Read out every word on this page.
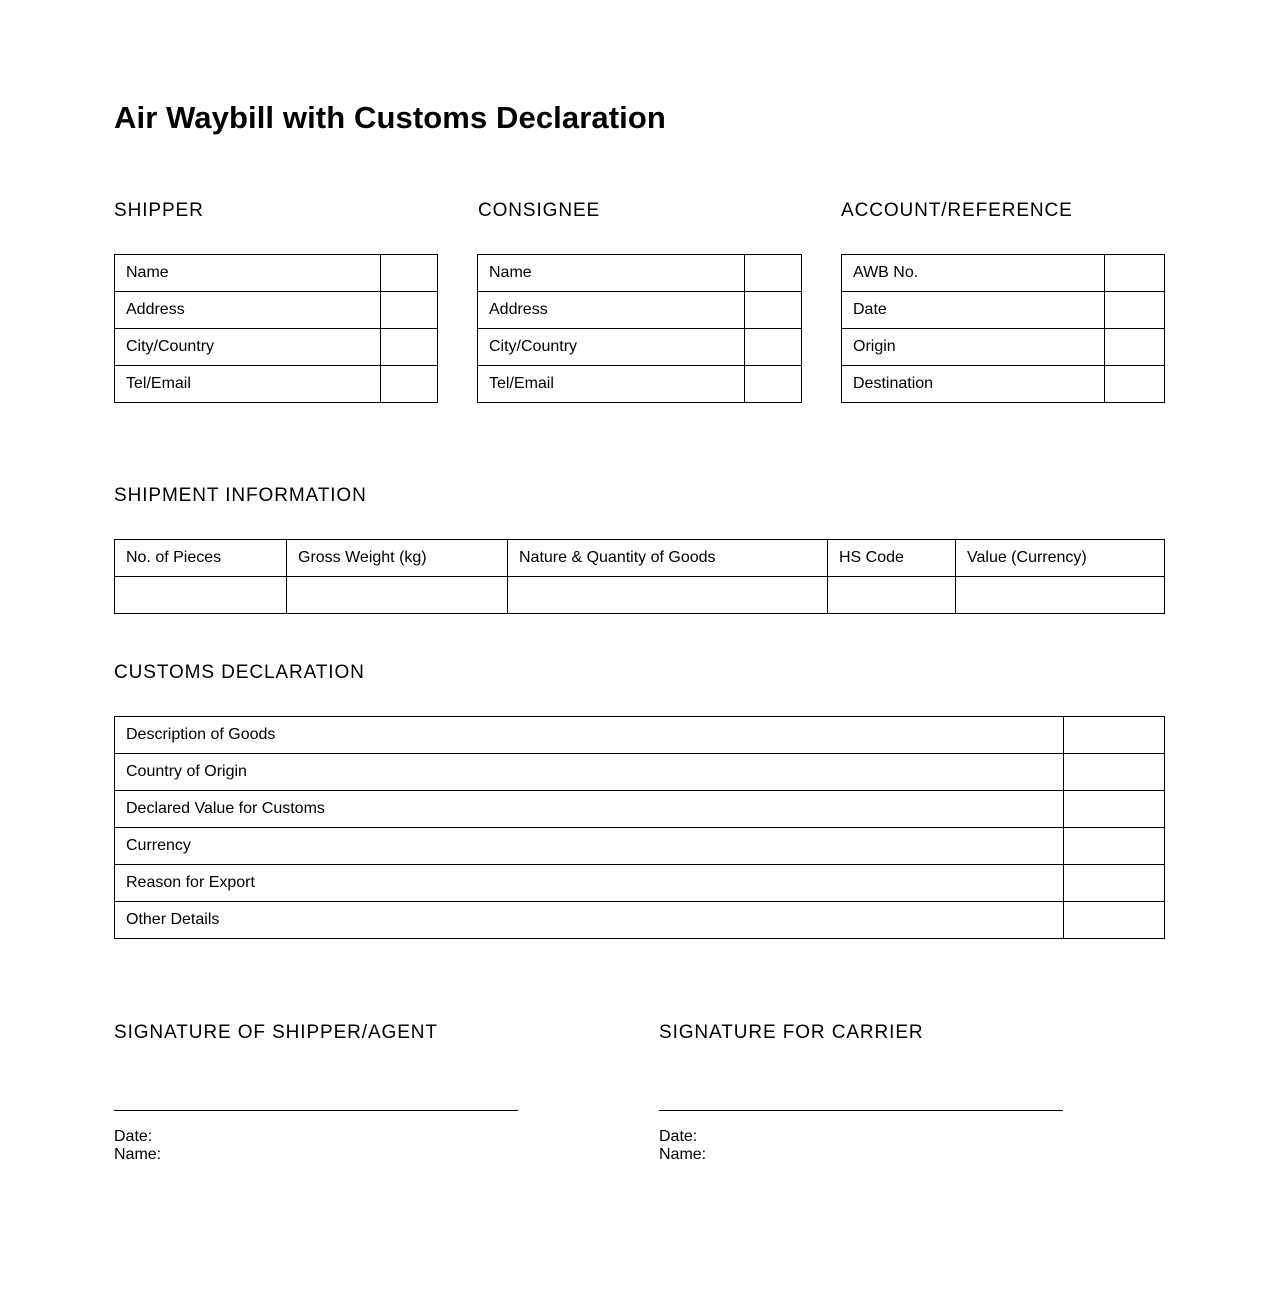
Air Waybill with Customs Declaration
SHIPPER
Name	
Address	
City/Country	
Tel/Email	
CONSIGNEE
Name	
Address	
City/Country	
Tel/Email	
ACCOUNT/REFERENCE
AWB No.	
Date	
Origin	
Destination	
SHIPMENT INFORMATION
No. of Pieces	Gross Weight (kg)	Nature & Quantity of Goods	HS Code	Value (Currency)

CUSTOMS DECLARATION
Description of Goods	
Country of Origin	
Declared Value for Customs	
Currency	
Reason for Export	
Other Details	
SIGNATURE OF SHIPPER/AGENT
Date:
Name:
SIGNATURE FOR CARRIER
Date:
Name:
